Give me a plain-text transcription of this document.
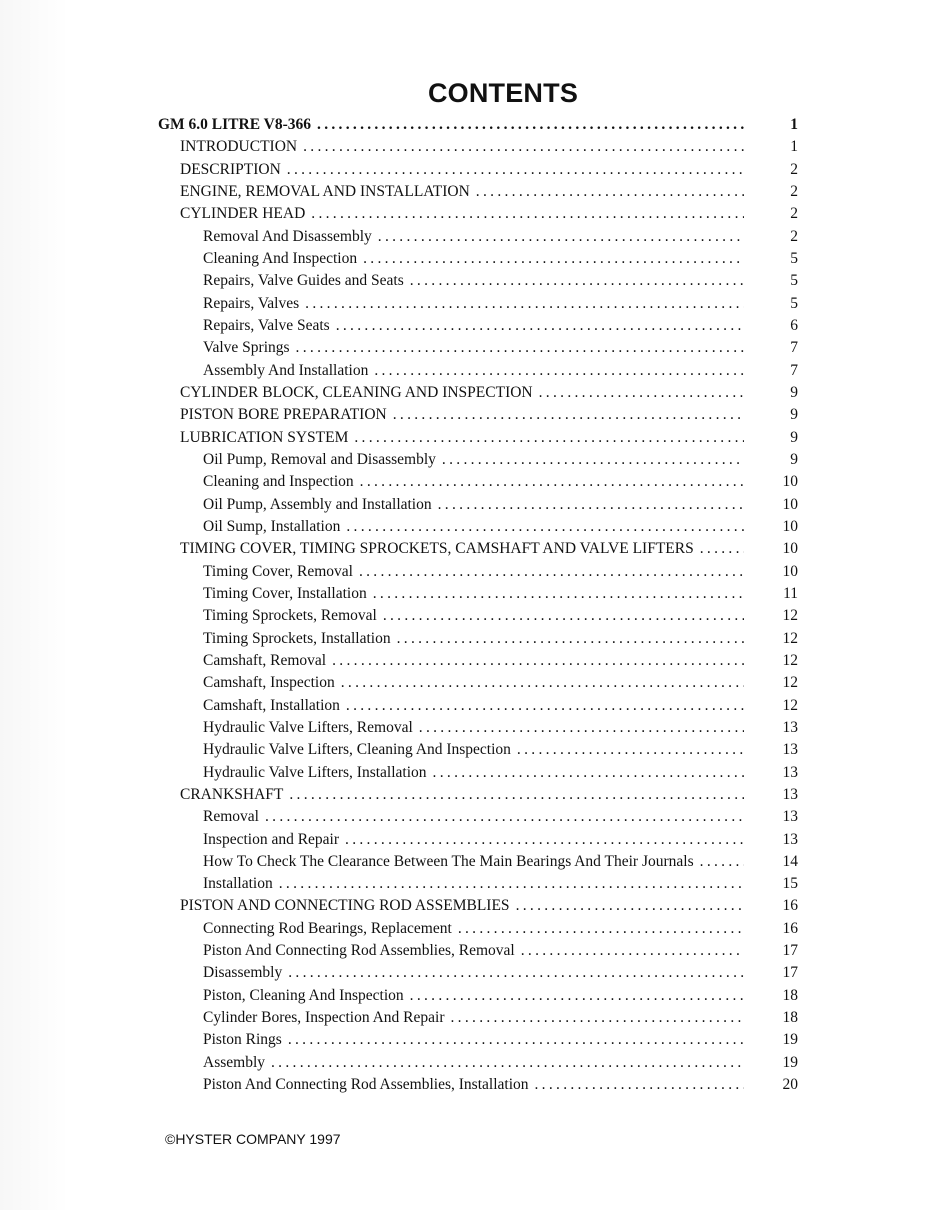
CONTENTS
GM 6.0 LITRE V8-366 .....	1
INTRODUCTION .....	1
DESCRIPTION .....	2
ENGINE, REMOVAL AND INSTALLATION .....	2
CYLINDER HEAD .....	2
Removal And Disassembly .....	2
Cleaning And Inspection .....	5
Repairs, Valve Guides and Seats .....	5
Repairs, Valves .....	5
Repairs, Valve Seats .....	6
Valve Springs .....	7
Assembly And Installation .....	7
CYLINDER BLOCK, CLEANING AND INSPECTION .....	9
PISTON BORE PREPARATION .....	9
LUBRICATION SYSTEM .....	9
Oil Pump, Removal and Disassembly .....	9
Cleaning and Inspection .....	10
Oil Pump, Assembly and Installation .....	10
Oil Sump, Installation .....	10
TIMING COVER, TIMING SPROCKETS, CAMSHAFT AND VALVE LIFTERS .....	10
Timing Cover, Removal .....	10
Timing Cover, Installation .....	11
Timing Sprockets, Removal .....	12
Timing Sprockets, Installation .....	12
Camshaft, Removal .....	12
Camshaft, Inspection .....	12
Camshaft, Installation .....	12
Hydraulic Valve Lifters, Removal .....	13
Hydraulic Valve Lifters, Cleaning And Inspection .....	13
Hydraulic Valve Lifters, Installation .....	13
CRANKSHAFT .....	13
Removal .....	13
Inspection and Repair .....	13
How To Check The Clearance Between The Main Bearings And Their Journals .....	14
Installation .....	15
PISTON AND CONNECTING ROD ASSEMBLIES .....	16
Connecting Rod Bearings, Replacement .....	16
Piston And Connecting Rod Assemblies, Removal .....	17
Disassembly .....	17
Piston, Cleaning And Inspection .....	18
Cylinder Bores, Inspection And Repair .....	18
Piston Rings .....	19
Assembly .....	19
Piston And Connecting Rod Assemblies, Installation .....	20
©HYSTER COMPANY 1997
